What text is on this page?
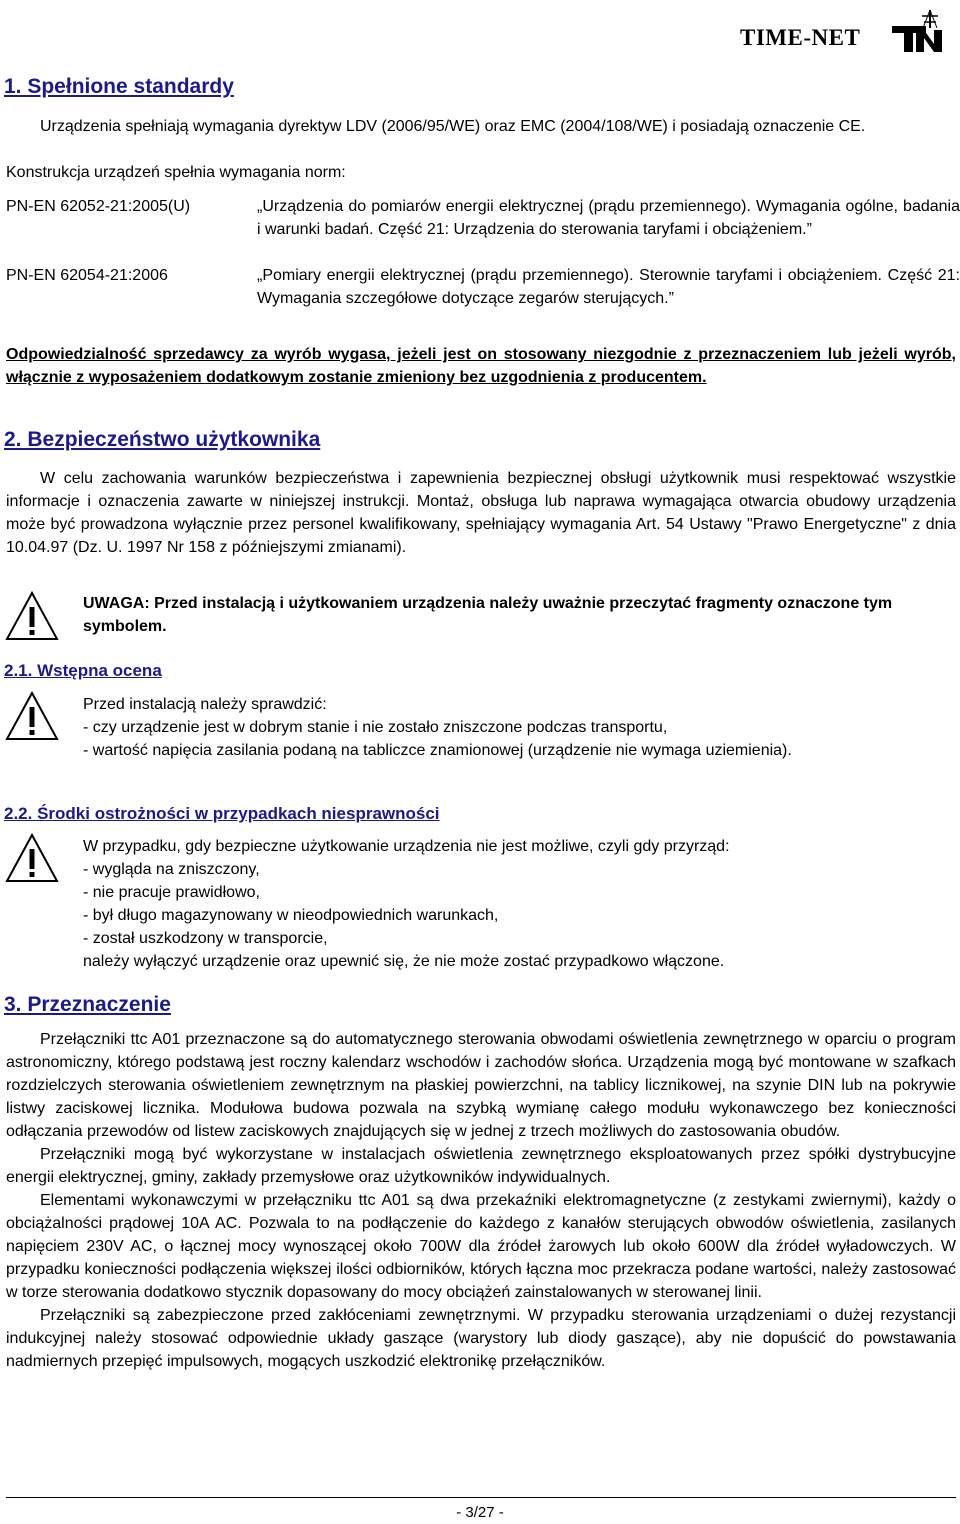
TIME-NET
1. Spełnione standardy
Urządzenia spełniają wymagania dyrektyw LDV (2006/95/WE) oraz EMC (2004/108/WE) i posiadają oznaczenie CE.
Konstrukcja urządzeń spełnia wymagania norm:
PN-EN 62052-21:2005(U)	„Urządzenia do pomiarów energii elektrycznej (prądu przemiennego). Wymagania ogólne, badania i warunki badań. Część 21: Urządzenia do sterowania taryfami i obciążeniem.”
PN-EN 62054-21:2006	„Pomiary energii elektrycznej (prądu przemiennego). Sterownie taryfami i obciążeniem. Część 21: Wymagania szczegółowe dotyczące zegarów sterujących.”
Odpowiedzialność sprzedawcy za wyrób wygasa, jeżeli jest on stosowany niezgodnie z przeznaczeniem lub jeżeli wyrób, włącznie z wyposażeniem dodatkowym zostanie zmieniony bez uzgodnienia z producentem.
2. Bezpieczeństwo użytkownika
W celu zachowania warunków bezpieczeństwa i zapewnienia bezpiecznej obsługi użytkownik musi respektować wszystkie informacje i oznaczenia zawarte w niniejszej instrukcji. Montaż, obsługa lub naprawa wymagająca otwarcia obudowy urządzenia może być prowadzona wyłącznie przez personel kwalifikowany, spełniający wymagania Art. 54 Ustawy "Prawo Energetyczne" z dnia 10.04.97 (Dz. U. 1997 Nr 158 z późniejszymi zmianami).
UWAGA: Przed instalacją i użytkowaniem urządzenia należy uważnie przeczytać fragmenty oznaczone tym symbolem.
2.1. Wstępna ocena

Przed instalacją należy sprawdzić:

- czy urządzenie jest w dobrym stanie i nie zostało zniszczone podczas transportu,

- wartość napięcia zasilania podaną na tabliczce znamionowej (urządzenie nie wymaga uziemienia).

2.2. Środki ostrożności w przypadkach niesprawności

W przypadku, gdy bezpieczne użytkowanie urządzenia nie jest możliwe, czyli gdy przyrząd:

- wygląda na zniszczony,

- nie pracuje prawidłowo,

- był długo magazynowany w nieodpowiednich warunkach,

- został uszkodzony w transporcie,

należy wyłączyć urządzenie oraz upewnić się, że nie może zostać przypadkowo włączone.

3. Przeznaczenie

Przełączniki ttc A01 przeznaczone są do automatycznego sterowania obwodami oświetlenia zewnętrznego w oparciu o program astronomiczny, którego podstawą jest roczny kalendarz wschodów i zachodów słońca. Urządzenia mogą być montowane w szafkach rozdzielczych sterowania oświetleniem zewnętrznym na płaskiej powierzchni, na tablicy licznikowej, na szynie DIN lub na pokrywie listwy zaciskowej licznika. Modułowa budowa pozwala na szybką wymianę całego modułu wykonawczego bez konieczności odłączania przewodów od listew zaciskowych znajdujących się w jednej z trzech możliwych do zastosowania obudów.

Przełączniki mogą być wykorzystane w instalacjach oświetlenia zewnętrznego eksploatowanych przez spółki dystrybucyjne energii elektrycznej, gminy, zakłady przemysłowe oraz użytkowników indywidualnych.

Elementami wykonawczymi w przełączniku ttc A01 są dwa przekaźniki elektromagnetyczne (z zestykami zwiernymi), każdy o obciążalności prądowej 10A AC. Pozwala to na podłączenie do każdego z kanałów sterujących obwodów oświetlenia, zasilanych napięciem 230V AC, o łącznej mocy wynoszącej około 700W dla źródeł żarowych lub około 600W dla źródeł wyładowczych. W przypadku konieczności podłączenia większej ilości odbiorników, których łączna moc przekracza podane wartości, należy zastosować w torze sterowania dodatkowo stycznik dopasowany do mocy obciążeń zainstalowanych w sterowanej linii.

Przełączniki są zabezpieczone przed zakłóceniami zewnętrznymi. W przypadku sterowania urządzeniami o dużej rezystancji indukcyjnej należy stosować odpowiednie układy gaszące (warystory lub diody gaszące), aby nie dopuścić do powstawania nadmiernych przepięć impulsowych, mogących uszkodzić elektronikę przełączników.

- 3/27 -
